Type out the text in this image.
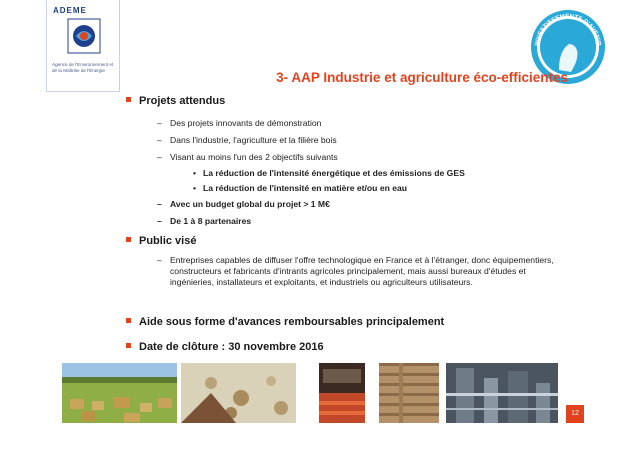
ADEME
Agence de l'Environnement et de la Maîtrise de l'Énergie
INVESTISSEMENTS D'AVENIR
3- AAP Industrie et agriculture éco-efficientes
Projets attendus
– Des projets innovants de démonstration
– Dans l'industrie, l'agriculture et la filière bois
– Visant au moins l'un des 2 objectifs suivants
• La réduction de l'intensité énergétique et des émissions de GES
• La réduction de l'intensité en matière et/ou en eau
– Avec un budget global du projet > 1 M€
– De 1 à 8 partenaires
Public visé
– Entreprises capables de diffuser l'offre technologique en France et à l'étranger, donc équipementiers, constructeurs et fabricants d'intrants agricoles principalement, mais aussi bureaux d'études et ingénieries, installateurs et exploitants, et industriels ou agriculteurs utilisateurs.
Aide sous forme d'avances remboursables principalement
Date de clôture : 30 novembre 2016
12
